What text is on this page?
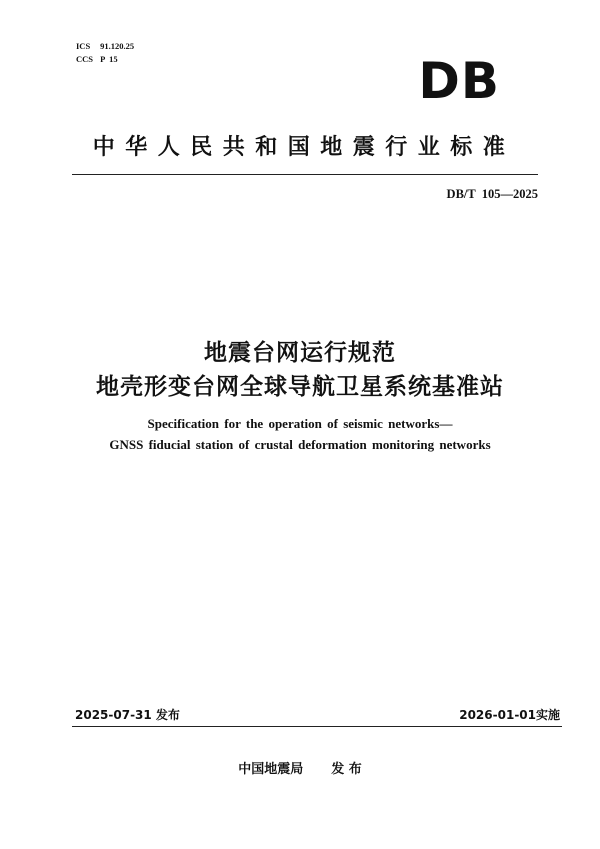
ICS 91.120.25
CCS P  15	DB
中华人民共和国地震行业标准
DB/T  105—2025
地震台网运行规范
地壳形变台网全球导航卫星系统基准站
Specification for the operation of seismic networks—
GNSS fiducial station of crustal deformation monitoring networks
2025-07-31 发布	2026-01-01实施
中国地震局 发 布
